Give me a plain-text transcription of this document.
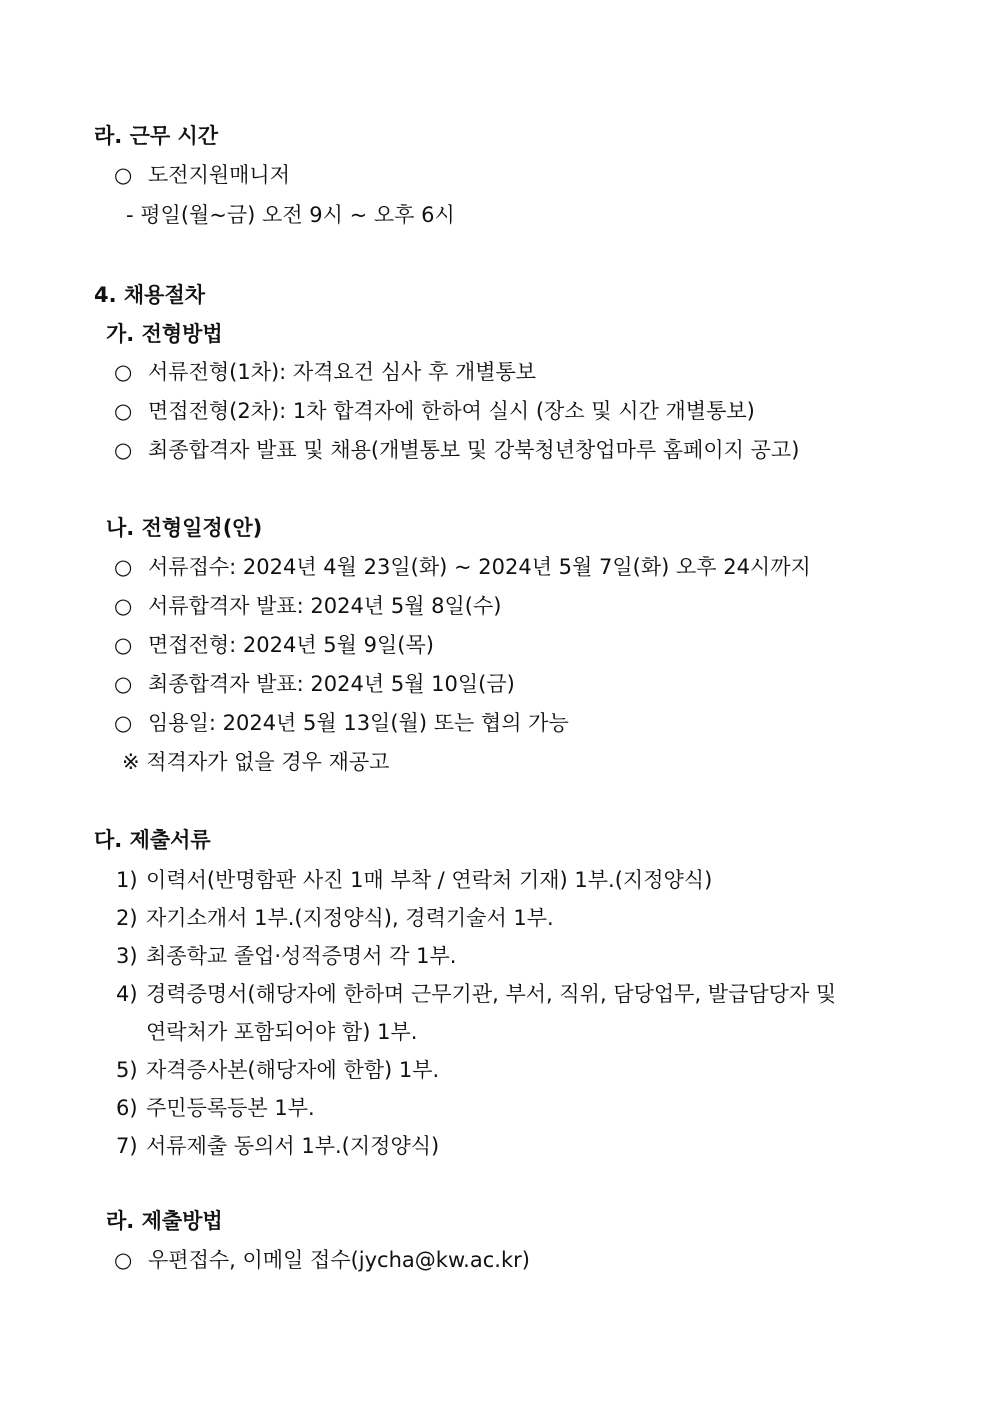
라. 근무 시간
○ 도전지원매니저
- 평일(월~금) 오전 9시 ~ 오후 6시
4. 채용절차
가. 전형방법
○ 서류전형(1차): 자격요건 심사 후 개별통보
○ 면접전형(2차): 1차 합격자에 한하여 실시 (장소 및 시간 개별통보)
○ 최종합격자 발표 및 채용(개별통보 및 강북청년창업마루 홈페이지 공고)
나. 전형일정(안)
○ 서류접수: 2024년 4월 23일(화) ~ 2024년 5월 7일(화) 오후 24시까지
○ 서류합격자 발표: 2024년 5월 8일(수)
○ 면접전형: 2024년 5월 9일(목)
○ 최종합격자 발표: 2024년 5월 10일(금)
○ 임용일: 2024년 5월 13일(월) 또는 협의 가능
※ 적격자가 없을 경우 재공고
다. 제출서류
1) 이력서(반명함판 사진 1매 부착 / 연락처 기재) 1부.(지정양식)
2) 자기소개서 1부.(지정양식), 경력기술서 1부.
3) 최종학교 졸업·성적증명서 각 1부.
4) 경력증명서(해당자에 한하며 근무기관, 부서, 직위, 담당업무, 발급담당자 및
연락처가 포함되어야 함) 1부.
5) 자격증사본(해당자에 한함) 1부.
6) 주민등록등본 1부.
7) 서류제출 동의서 1부.(지정양식)
라. 제출방법
○ 우편접수, 이메일 접수(jycha@kw.ac.kr)
